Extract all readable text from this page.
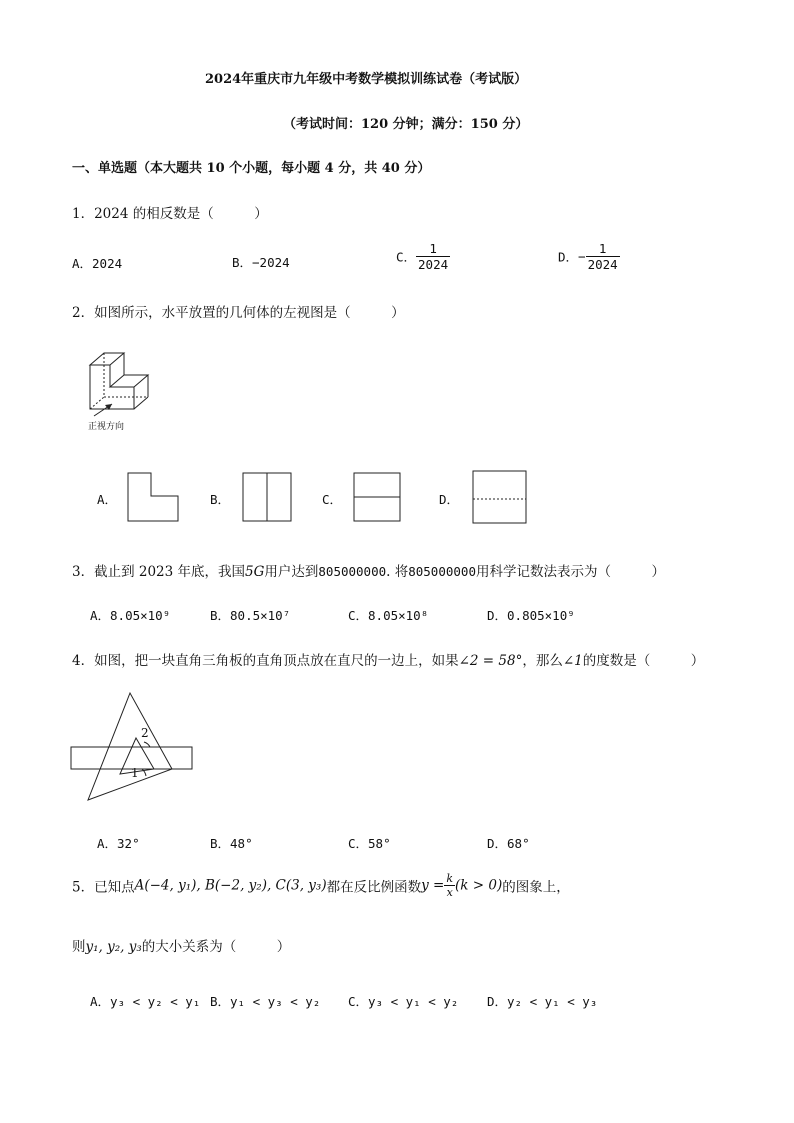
2024年重庆市九年级中考数学模拟训练试卷（考试版）
（考试时间：120 分钟；满分：150 分）
一、单选题（本大题共 10 个小题，每小题 4 分，共 40 分）
1．2024 的相反数是（　　　）
A．2024	B．−2024	C． $\frac{1}{2024}$	D．− $\frac{1}{2024}$
2．如图所示，水平放置的几何体的左视图是（　　　）
正视方向
A．	B．	C．	D．
3．截止到 2023 年底，我国5G用户达到805000000. 将805000000用科学记数法表示为（　　　）
A．8.05×10⁹	B．80.5×10⁷	C．8.05×10⁸	D．0.805×10⁹
4．如图，把一块直角三角板的直角顶点放在直尺的一边上，如果∠2 = 58°，那么∠1的度数是（　　　）
2
1
A．32°	B．48°	C．58°	D．68°
5．已知点A(−4, y₁), B(−2, y₂), C(3, y₃)都在反比例函数$y = \frac{k}{x} (k > 0)$的图象上，
则y₁, y₂, y₃的大小关系为（　　　）
A．y₃ < y₂ < y₁ B．y₁ < y₃ < y₂ C．y₃ < y₁ < y₂ D．y₂ < y₁ < y₃
